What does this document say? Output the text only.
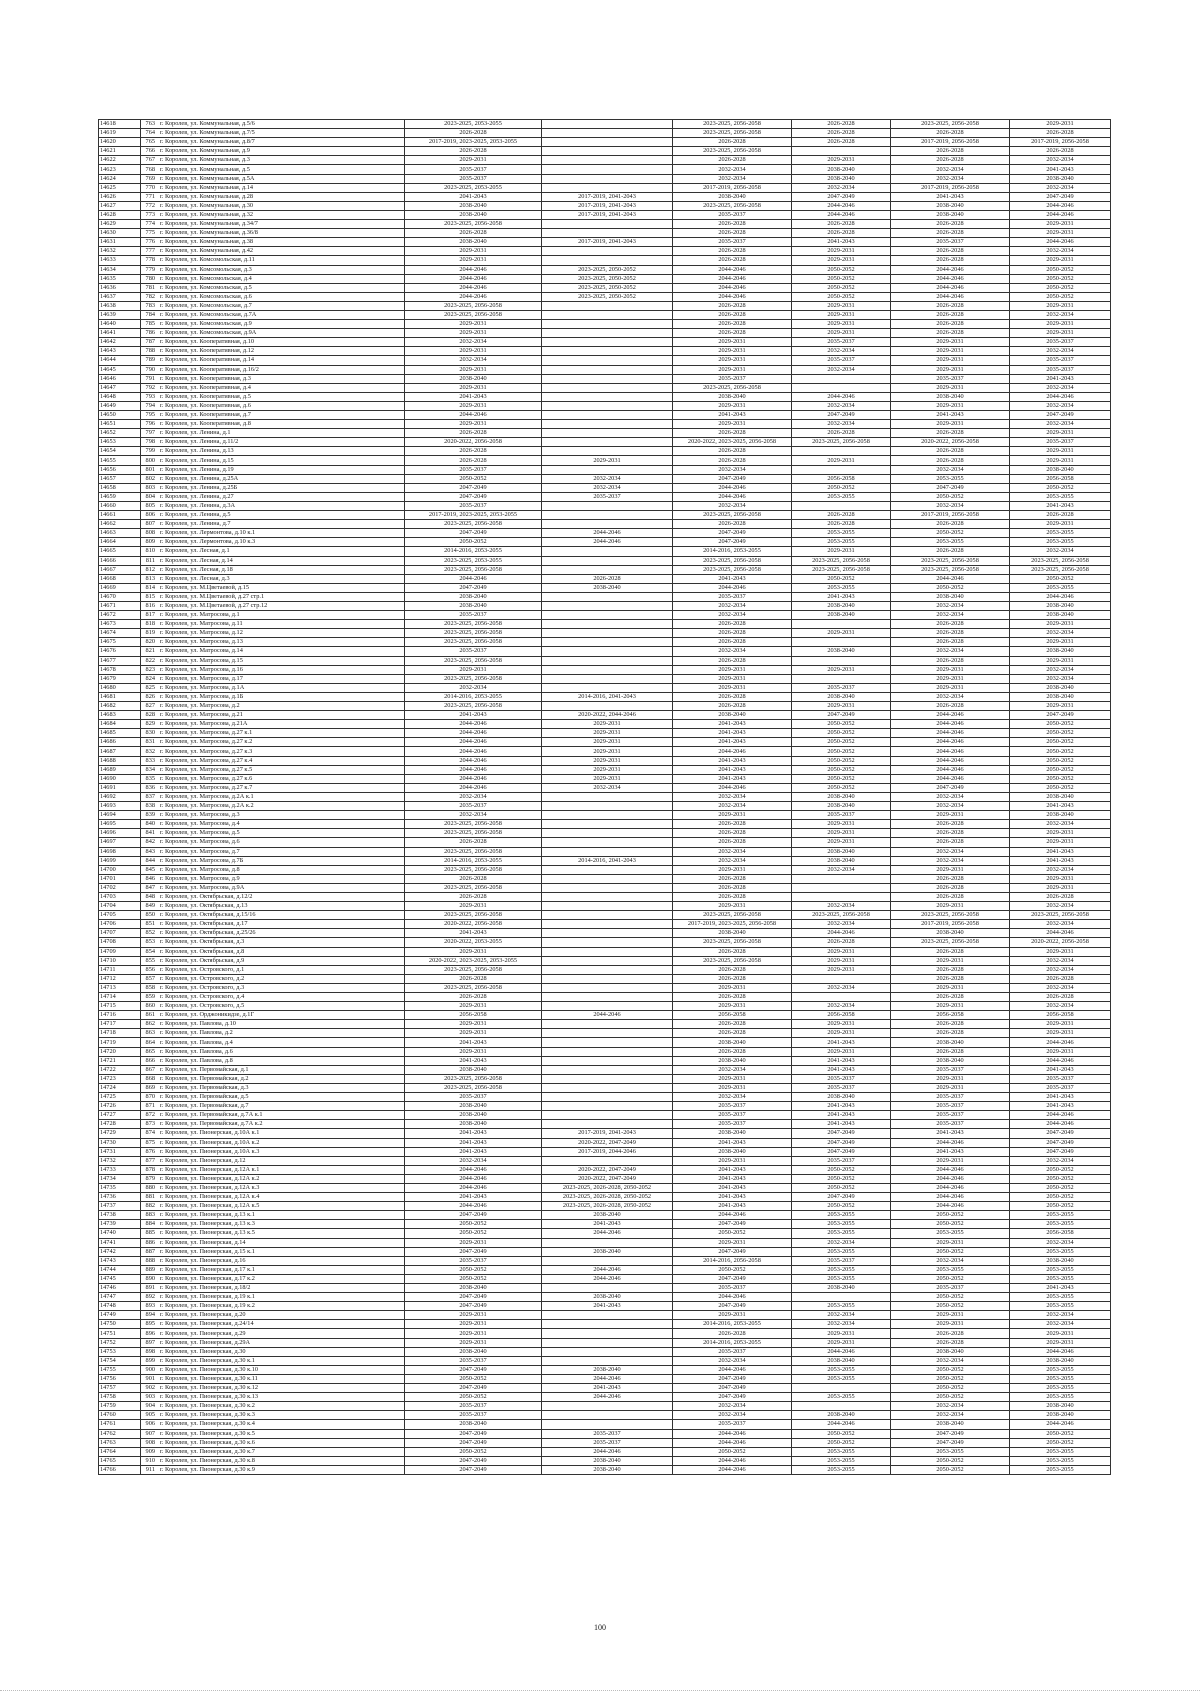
14618	763	г. Королев, ул. Коммунальная, д.5/6	2023-2025, 2053-2055		2023-2025, 2056-2058	2026-2028	2023-2025, 2056-2058	2029-2031
14619	764	г. Королев, ул. Коммунальная, д.7/5	2026-2028		2023-2025, 2056-2058	2026-2028	2026-2028	2026-2028
14620	765	г. Королев, ул. Коммунальная, д.8/7	2017-2019, 2023-2025, 2053-2055		2026-2028	2026-2028	2017-2019, 2056-2058	2017-2019, 2056-2058
14621	766	г. Королев, ул. Коммунальная, д.9	2026-2028		2023-2025, 2056-2058		2026-2028	2026-2028
14622	767	г. Королев, ул. Коммунальная, д.3	2029-2031		2026-2028	2029-2031	2026-2028	2032-2034
14623	768	г. Королев, ул. Коммунальная, д.5	2035-2037		2032-2034	2038-2040	2032-2034	2041-2043
14624	769	г. Королев, ул. Коммунальная, д.5А	2035-2037		2032-2034	2038-2040	2032-2034	2038-2040
14625	770	г. Королев, ул. Коммунальная, д.14	2023-2025, 2053-2055		2017-2019, 2056-2058	2032-2034	2017-2019, 2056-2058	2032-2034
14626	771	г. Королев, ул. Коммунальная, д.28	2041-2043	2017-2019, 2041-2043	2038-2040	2047-2049	2041-2043	2047-2049
14627	772	г. Королев, ул. Коммунальная, д.30	2038-2040	2017-2019, 2041-2043	2023-2025, 2056-2058	2044-2046	2038-2040	2044-2046
14628	773	г. Королев, ул. Коммунальная, д.32	2038-2040	2017-2019, 2041-2043	2035-2037	2044-2046	2038-2040	2044-2046
14629	774	г. Королев, ул. Коммунальная, д.34/7	2023-2025, 2056-2058		2026-2028	2026-2028	2026-2028	2029-2031
14630	775	г. Королев, ул. Коммунальная, д.36/8	2026-2028		2026-2028	2026-2028	2026-2028	2029-2031
14631	776	г. Королев, ул. Коммунальная, д.38	2038-2040	2017-2019, 2041-2043	2035-2037	2041-2043	2035-2037	2044-2046
14632	777	г. Королев, ул. Коммунальная, д.42	2029-2031		2026-2028	2029-2031	2026-2028	2032-2034
14633	778	г. Королев, ул. Комсомольская, д.11	2029-2031		2026-2028	2029-2031	2026-2028	2029-2031
14634	779	г. Королев, ул. Комсомольская, д.3	2044-2046	2023-2025, 2050-2052	2044-2046	2050-2052	2044-2046	2050-2052
14635	780	г. Королев, ул. Комсомольская, д.4	2044-2046	2023-2025, 2050-2052	2044-2046	2050-2052	2044-2046	2050-2052
14636	781	г. Королев, ул. Комсомольская, д.5	2044-2046	2023-2025, 2050-2052	2044-2046	2050-2052	2044-2046	2050-2052
14637	782	г. Королев, ул. Комсомольская, д.6	2044-2046	2023-2025, 2050-2052	2044-2046	2050-2052	2044-2046	2050-2052
14638	783	г. Королев, ул. Комсомольская, д.7	2023-2025, 2056-2058		2026-2028	2029-2031	2026-2028	2029-2031
14639	784	г. Королев, ул. Комсомольская, д.7А	2023-2025, 2056-2058		2026-2028	2029-2031	2026-2028	2032-2034
14640	785	г. Королев, ул. Комсомольская, д.9	2029-2031		2026-2028	2029-2031	2026-2028	2029-2031
14641	786	г. Королев, ул. Комсомольская, д.9А	2029-2031		2026-2028	2029-2031	2026-2028	2029-2031
14642	787	г. Королев, ул. Кооперативная, д.10	2032-2034		2029-2031	2035-2037	2029-2031	2035-2037
14643	788	г. Королев, ул. Кооперативная, д.12	2029-2031		2029-2031	2032-2034	2029-2031	2032-2034
14644	789	г. Королев, ул. Кооперативная, д.14	2032-2034		2029-2031	2035-2037	2029-2031	2035-2037
14645	790	г. Королев, ул. Кооперативная, д.16/2	2029-2031		2029-2031	2032-2034	2029-2031	2035-2037
14646	791	г. Королев, ул. Кооперативная, д.3	2038-2040		2035-2037		2035-2037	2041-2043
14647	792	г. Королев, ул. Кооперативная, д.4	2029-2031		2023-2025, 2056-2058		2029-2031	2032-2034
14648	793	г. Королев, ул. Кооперативная, д.5	2041-2043		2038-2040	2044-2046	2038-2040	2044-2046
14649	794	г. Королев, ул. Кооперативная, д.6	2029-2031		2029-2031	2032-2034	2029-2031	2032-2034
14650	795	г. Королев, ул. Кооперативная, д.7	2044-2046		2041-2043	2047-2049	2041-2043	2047-2049
14651	796	г. Королев, ул. Кооперативная, д.8	2029-2031		2029-2031	2032-2034	2029-2031	2032-2034
14652	797	г. Королев, ул. Ленина, д.1	2026-2028		2026-2028	2026-2028	2026-2028	2029-2031
14653	798	г. Королев, ул. Ленина, д.11/2	2020-2022, 2056-2058		2020-2022, 2023-2025, 2056-2058	2023-2025, 2056-2058	2020-2022, 2056-2058	2035-2037
14654	799	г. Королев, ул. Ленина, д.13	2026-2028		2026-2028		2026-2028	2029-2031
14655	800	г. Королев, ул. Ленина, д.15	2026-2028	2029-2031	2026-2028	2029-2031	2026-2028	2029-2031
14656	801	г. Королев, ул. Ленина, д.19	2035-2037		2032-2034		2032-2034	2038-2040
14657	802	г. Королев, ул. Ленина, д.25А	2050-2052	2032-2034	2047-2049	2056-2058	2053-2055	2056-2058
14658	803	г. Королев, ул. Ленина, д.25Б	2047-2049	2032-2034	2044-2046	2050-2052	2047-2049	2050-2052
14659	804	г. Королев, ул. Ленина, д.27	2047-2049	2035-2037	2044-2046	2053-2055	2050-2052	2053-2055
14660	805	г. Королев, ул. Ленина, д.3А	2035-2037		2032-2034		2032-2034	2041-2043
14661	806	г. Королев, ул. Ленина, д.5	2017-2019, 2023-2025, 2053-2055		2023-2025, 2056-2058	2026-2028	2017-2019, 2056-2058	2026-2028
14662	807	г. Королев, ул. Ленина, д.7	2023-2025, 2056-2058		2026-2028	2026-2028	2026-2028	2029-2031
14663	808	г. Королев, ул. Лермонтова, д.10 к.1	2047-2049	2044-2046	2047-2049	2053-2055	2050-2052	2053-2055
14664	809	г. Королев, ул. Лермонтова, д.10 к.3	2050-2052	2044-2046	2047-2049	2053-2055	2053-2055	2053-2055
14665	810	г. Королев, ул. Лесная, д.1	2014-2016, 2053-2055		2014-2016, 2053-2055	2029-2031	2026-2028	2032-2034
14666	811	г. Королев, ул. Лесная, д.14	2023-2025, 2053-2055		2023-2025, 2056-2058	2023-2025, 2056-2058	2023-2025, 2056-2058	2023-2025, 2056-2058
14667	812	г. Королев, ул. Лесная, д.18	2023-2025, 2056-2058		2023-2025, 2056-2058	2023-2025, 2056-2058	2023-2025, 2056-2058	2023-2025, 2056-2058
14668	813	г. Королев, ул. Лесная, д.3	2044-2046	2026-2028	2041-2043	2050-2052	2044-2046	2050-2052
14669	814	г. Королев, ул. М.Цветаевой, д.15	2047-2049	2038-2040	2044-2046	2053-2055	2050-2052	2053-2055
14670	815	г. Королев, ул. М.Цветаевой, д.27 стр.1	2038-2040		2035-2037	2041-2043	2038-2040	2044-2046
14671	816	г. Королев, ул. М.Цветаевой, д.27 стр.12	2038-2040		2032-2034	2038-2040	2032-2034	2038-2040
14672	817	г. Королев, ул. Матросова, д.1	2035-2037		2032-2034	2038-2040	2032-2034	2038-2040
14673	818	г. Королев, ул. Матросова, д.11	2023-2025, 2056-2058		2026-2028		2026-2028	2029-2031
14674	819	г. Королев, ул. Матросова, д.12	2023-2025, 2056-2058		2026-2028	2029-2031	2026-2028	2032-2034
14675	820	г. Королев, ул. Матросова, д.13	2023-2025, 2056-2058		2026-2028		2026-2028	2029-2031
14676	821	г. Королев, ул. Матросова, д.14	2035-2037		2032-2034	2038-2040	2032-2034	2038-2040
14677	822	г. Королев, ул. Матросова, д.15	2023-2025, 2056-2058		2026-2028		2026-2028	2029-2031
14678	823	г. Королев, ул. Матросова, д.16	2029-2031		2029-2031	2029-2031	2029-2031	2032-2034
14679	824	г. Королев, ул. Матросова, д.17	2023-2025, 2056-2058		2029-2031		2029-2031	2032-2034
14680	825	г. Королев, ул. Матросова, д.1А	2032-2034		2029-2031	2035-2037	2029-2031	2038-2040
14681	826	г. Королев, ул. Матросова, д.1Б	2014-2016, 2053-2055	2014-2016, 2041-2043	2026-2028	2038-2040	2032-2034	2038-2040
14682	827	г. Королев, ул. Матросова, д.2	2023-2025, 2056-2058		2026-2028	2029-2031	2026-2028	2029-2031
14683	828	г. Королев, ул. Матросова, д.21	2041-2043	2020-2022, 2044-2046	2038-2040	2047-2049	2044-2046	2047-2049
14684	829	г. Королев, ул. Матросова, д.21А	2044-2046	2029-2031	2041-2043	2050-2052	2044-2046	2050-2052
14685	830	г. Королев, ул. Матросова, д.27 к.1	2044-2046	2029-2031	2041-2043	2050-2052	2044-2046	2050-2052
14686	831	г. Королев, ул. Матросова, д.27 к.2	2044-2046	2029-2031	2041-2043	2050-2052	2044-2046	2050-2052
14687	832	г. Королев, ул. Матросова, д.27 к.3	2044-2046	2029-2031	2044-2046	2050-2052	2044-2046	2050-2052
14688	833	г. Королев, ул. Матросова, д.27 к.4	2044-2046	2029-2031	2041-2043	2050-2052	2044-2046	2050-2052
14689	834	г. Королев, ул. Матросова, д.27 к.5	2044-2046	2029-2031	2041-2043	2050-2052	2044-2046	2050-2052
14690	835	г. Королев, ул. Матросова, д.27 к.6	2044-2046	2029-2031	2041-2043	2050-2052	2044-2046	2050-2052
14691	836	г. Королев, ул. Матросова, д.27 к.7	2044-2046	2032-2034	2044-2046	2050-2052	2047-2049	2050-2052
14692	837	г. Королев, ул. Матросова, д.2А к.1	2032-2034		2032-2034	2038-2040	2032-2034	2038-2040
14693	838	г. Королев, ул. Матросова, д.2А к.2	2035-2037		2032-2034	2038-2040	2032-2034	2041-2043
14694	839	г. Королев, ул. Матросова, д.3	2032-2034		2029-2031	2035-2037	2029-2031	2038-2040
14695	840	г. Королев, ул. Матросова, д.4	2023-2025, 2056-2058		2026-2028	2029-2031	2026-2028	2032-2034
14696	841	г. Королев, ул. Матросова, д.5	2023-2025, 2056-2058		2026-2028	2029-2031	2026-2028	2029-2031
14697	842	г. Королев, ул. Матросова, д.6	2026-2028		2026-2028	2029-2031	2026-2028	2029-2031
14698	843	г. Королев, ул. Матросова, д.7	2023-2025, 2056-2058		2032-2034	2038-2040	2032-2034	2041-2043
14699	844	г. Королев, ул. Матросова, д.7Б	2014-2016, 2053-2055	2014-2016, 2041-2043	2032-2034	2038-2040	2032-2034	2041-2043
14700	845	г. Королев, ул. Матросова, д.8	2023-2025, 2056-2058		2029-2031	2032-2034	2029-2031	2032-2034
14701	846	г. Королев, ул. Матросова, д.9	2026-2028		2026-2028		2026-2028	2029-2031
14702	847	г. Королев, ул. Матросова, д.9А	2023-2025, 2056-2058		2026-2028		2026-2028	2029-2031
14703	848	г. Королев, ул. Октябрьская, д.12/2	2026-2028		2026-2028		2026-2028	2026-2028
14704	849	г. Королев, ул. Октябрьская, д.13	2029-2031		2029-2031	2032-2034	2029-2031	2032-2034
14705	850	г. Королев, ул. Октябрьская, д.15/16	2023-2025, 2056-2058		2023-2025, 2056-2058	2023-2025, 2056-2058	2023-2025, 2056-2058	2023-2025, 2056-2058
14706	851	г. Королев, ул. Октябрьская, д.17	2020-2022, 2056-2058		2017-2019, 2023-2025, 2056-2058	2032-2034	2017-2019, 2056-2058	2032-2034
14707	852	г. Королев, ул. Октябрьская, д.25/26	2041-2043		2038-2040	2044-2046	2038-2040	2044-2046
14708	853	г. Королев, ул. Октябрьская, д.3	2020-2022, 2053-2055		2023-2025, 2056-2058	2026-2028	2023-2025, 2056-2058	2020-2022, 2056-2058
14709	854	г. Королев, ул. Октябрьская, д.8	2029-2031		2026-2028	2029-2031	2026-2028	2029-2031
14710	855	г. Королев, ул. Октябрьская, д.9	2020-2022, 2023-2025, 2053-2055		2023-2025, 2056-2058	2029-2031	2029-2031	2032-2034
14711	856	г. Королев, ул. Островского, д.1	2023-2025, 2056-2058		2026-2028	2029-2031	2026-2028	2032-2034
14712	857	г. Королев, ул. Островского, д.2	2026-2028		2026-2028		2026-2028	2026-2028
14713	858	г. Королев, ул. Островского, д.3	2023-2025, 2056-2058		2029-2031	2032-2034	2029-2031	2032-2034
14714	859	г. Королев, ул. Островского, д.4	2026-2028		2026-2028		2026-2028	2026-2028
14715	860	г. Королев, ул. Островского, д.5	2029-2031		2029-2031	2032-2034	2029-2031	2032-2034
14716	861	г. Королев, ул. Орджоникидзе, д.1Г	2056-2058	2044-2046	2056-2058	2056-2058	2056-2058	2056-2058
14717	862	г. Королев, ул. Павлова, д.10	2029-2031		2026-2028	2029-2031	2026-2028	2029-2031
14718	863	г. Королев, ул. Павлова, д.2	2029-2031		2026-2028	2029-2031	2026-2028	2029-2031
14719	864	г. Королев, ул. Павлова, д.4	2041-2043		2038-2040	2041-2043	2038-2040	2044-2046
14720	865	г. Королев, ул. Павлова, д.6	2029-2031		2026-2028	2029-2031	2026-2028	2029-2031
14721	866	г. Королев, ул. Павлова, д.8	2041-2043		2038-2040	2041-2043	2038-2040	2044-2046
14722	867	г. Королев, ул. Первомайская, д.1	2038-2040		2032-2034	2041-2043	2035-2037	2041-2043
14723	868	г. Королев, ул. Первомайская, д.2	2023-2025, 2056-2058		2029-2031	2035-2037	2029-2031	2035-2037
14724	869	г. Королев, ул. Первомайская, д.3	2023-2025, 2056-2058		2029-2031	2035-2037	2029-2031	2035-2037
14725	870	г. Королев, ул. Первомайская, д.5	2035-2037		2032-2034	2038-2040	2035-2037	2041-2043
14726	871	г. Королев, ул. Первомайская, д.7	2038-2040		2035-2037	2041-2043	2035-2037	2041-2043
14727	872	г. Королев, ул. Первомайская, д.7А к.1	2038-2040		2035-2037	2041-2043	2035-2037	2044-2046
14728	873	г. Королев, ул. Первомайская, д.7А к.2	2038-2040		2035-2037	2041-2043	2035-2037	2044-2046
14729	874	г. Королев, ул. Пионерская, д.10А к.1	2041-2043	2017-2019, 2041-2043	2038-2040	2047-2049	2041-2043	2047-2049
14730	875	г. Королев, ул. Пионерская, д.10А к.2	2041-2043	2020-2022, 2047-2049	2041-2043	2047-2049	2044-2046	2047-2049
14731	876	г. Королев, ул. Пионерская, д.10А к.3	2041-2043	2017-2019, 2044-2046	2038-2040	2047-2049	2041-2043	2047-2049
14732	877	г. Королев, ул. Пионерская, д.12	2032-2034		2029-2031	2035-2037	2029-2031	2032-2034
14733	878	г. Королев, ул. Пионерская, д.12А к.1	2044-2046	2020-2022, 2047-2049	2041-2043	2050-2052	2044-2046	2050-2052
14734	879	г. Королев, ул. Пионерская, д.12А к.2	2044-2046	2020-2022, 2047-2049	2041-2043	2050-2052	2044-2046	2050-2052
14735	880	г. Королев, ул. Пионерская, д.12А к.3	2044-2046	2023-2025, 2026-2028, 2050-2052	2041-2043	2050-2052	2044-2046	2050-2052
14736	881	г. Королев, ул. Пионерская, д.12А к.4	2041-2043	2023-2025, 2026-2028, 2050-2052	2041-2043	2047-2049	2044-2046	2050-2052
14737	882	г. Королев, ул. Пионерская, д.12А к.5	2044-2046	2023-2025, 2026-2028, 2050-2052	2041-2043	2050-2052	2044-2046	2050-2052
14738	883	г. Королев, ул. Пионерская, д.13 к.1	2047-2049	2038-2040	2044-2046	2053-2055	2050-2052	2053-2055
14739	884	г. Королев, ул. Пионерская, д.13 к.3	2050-2052	2041-2043	2047-2049	2053-2055	2050-2052	2053-2055
14740	885	г. Королев, ул. Пионерская, д.13 к.5	2050-2052	2044-2046	2050-2052	2053-2055	2053-2055	2056-2058
14741	886	г. Королев, ул. Пионерская, д.14	2029-2031		2029-2031	2032-2034	2029-2031	2032-2034
14742	887	г. Королев, ул. Пионерская, д.15 к.1	2047-2049	2038-2040	2047-2049	2053-2055	2050-2052	2053-2055
14743	888	г. Королев, ул. Пионерская, д.16	2035-2037		2014-2016, 2056-2058	2035-2037	2032-2034	2038-2040
14744	889	г. Королев, ул. Пионерская, д.17 к.1	2050-2052	2044-2046	2050-2052	2053-2055	2053-2055	2053-2055
14745	890	г. Королев, ул. Пионерская, д.17 к.2	2050-2052	2044-2046	2047-2049	2053-2055	2050-2052	2053-2055
14746	891	г. Королев, ул. Пионерская, д.18/2	2038-2040		2035-2037	2038-2040	2035-2037	2041-2043
14747	892	г. Королев, ул. Пионерская, д.19 к.1	2047-2049	2038-2040	2044-2046		2050-2052	2053-2055
14748	893	г. Королев, ул. Пионерская, д.19 к.2	2047-2049	2041-2043	2047-2049	2053-2055	2050-2052	2053-2055
14749	894	г. Королев, ул. Пионерская, д.20	2029-2031		2029-2031	2032-2034	2029-2031	2032-2034
14750	895	г. Королев, ул. Пионерская, д.24/14	2029-2031		2014-2016, 2053-2055	2032-2034	2029-2031	2032-2034
14751	896	г. Королев, ул. Пионерская, д.29	2029-2031		2026-2028	2029-2031	2026-2028	2029-2031
14752	897	г. Королев, ул. Пионерская, д.29А	2029-2031		2014-2016, 2053-2055	2029-2031	2026-2028	2029-2031
14753	898	г. Королев, ул. Пионерская, д.30	2038-2040		2035-2037	2044-2046	2038-2040	2044-2046
14754	899	г. Королев, ул. Пионерская, д.30 к.1	2035-2037		2032-2034	2038-2040	2032-2034	2038-2040
14755	900	г. Королев, ул. Пионерская, д.30 к.10	2047-2049	2038-2040	2044-2046	2053-2055	2050-2052	2053-2055
14756	901	г. Королев, ул. Пионерская, д.30 к.11	2050-2052	2044-2046	2047-2049	2053-2055	2050-2052	2053-2055
14757	902	г. Королев, ул. Пионерская, д.30 к.12	2047-2049	2041-2043	2047-2049		2050-2052	2053-2055
14758	903	г. Королев, ул. Пионерская, д.30 к.13	2050-2052	2044-2046	2047-2049	2053-2055	2050-2052	2053-2055
14759	904	г. Королев, ул. Пионерская, д.30 к.2	2035-2037		2032-2034		2032-2034	2038-2040
14760	905	г. Королев, ул. Пионерская, д.30 к.3	2035-2037		2032-2034	2038-2040	2032-2034	2038-2040
14761	906	г. Королев, ул. Пионерская, д.30 к.4	2038-2040		2035-2037	2044-2046	2038-2040	2044-2046
14762	907	г. Королев, ул. Пионерская, д.30 к.5	2047-2049	2035-2037	2044-2046	2050-2052	2047-2049	2050-2052
14763	908	г. Королев, ул. Пионерская, д.30 к.6	2047-2049	2035-2037	2044-2046	2050-2052	2047-2049	2050-2052
14764	909	г. Королев, ул. Пионерская, д.30 к.7	2050-2052	2044-2046	2050-2052	2053-2055	2053-2055	2053-2055
14765	910	г. Королев, ул. Пионерская, д.30 к.8	2047-2049	2038-2040	2044-2046	2053-2055	2050-2052	2053-2055
14766	911	г. Королев, ул. Пионерская, д.30 к.9	2047-2049	2038-2040	2044-2046	2053-2055	2050-2052	2053-2055
100
